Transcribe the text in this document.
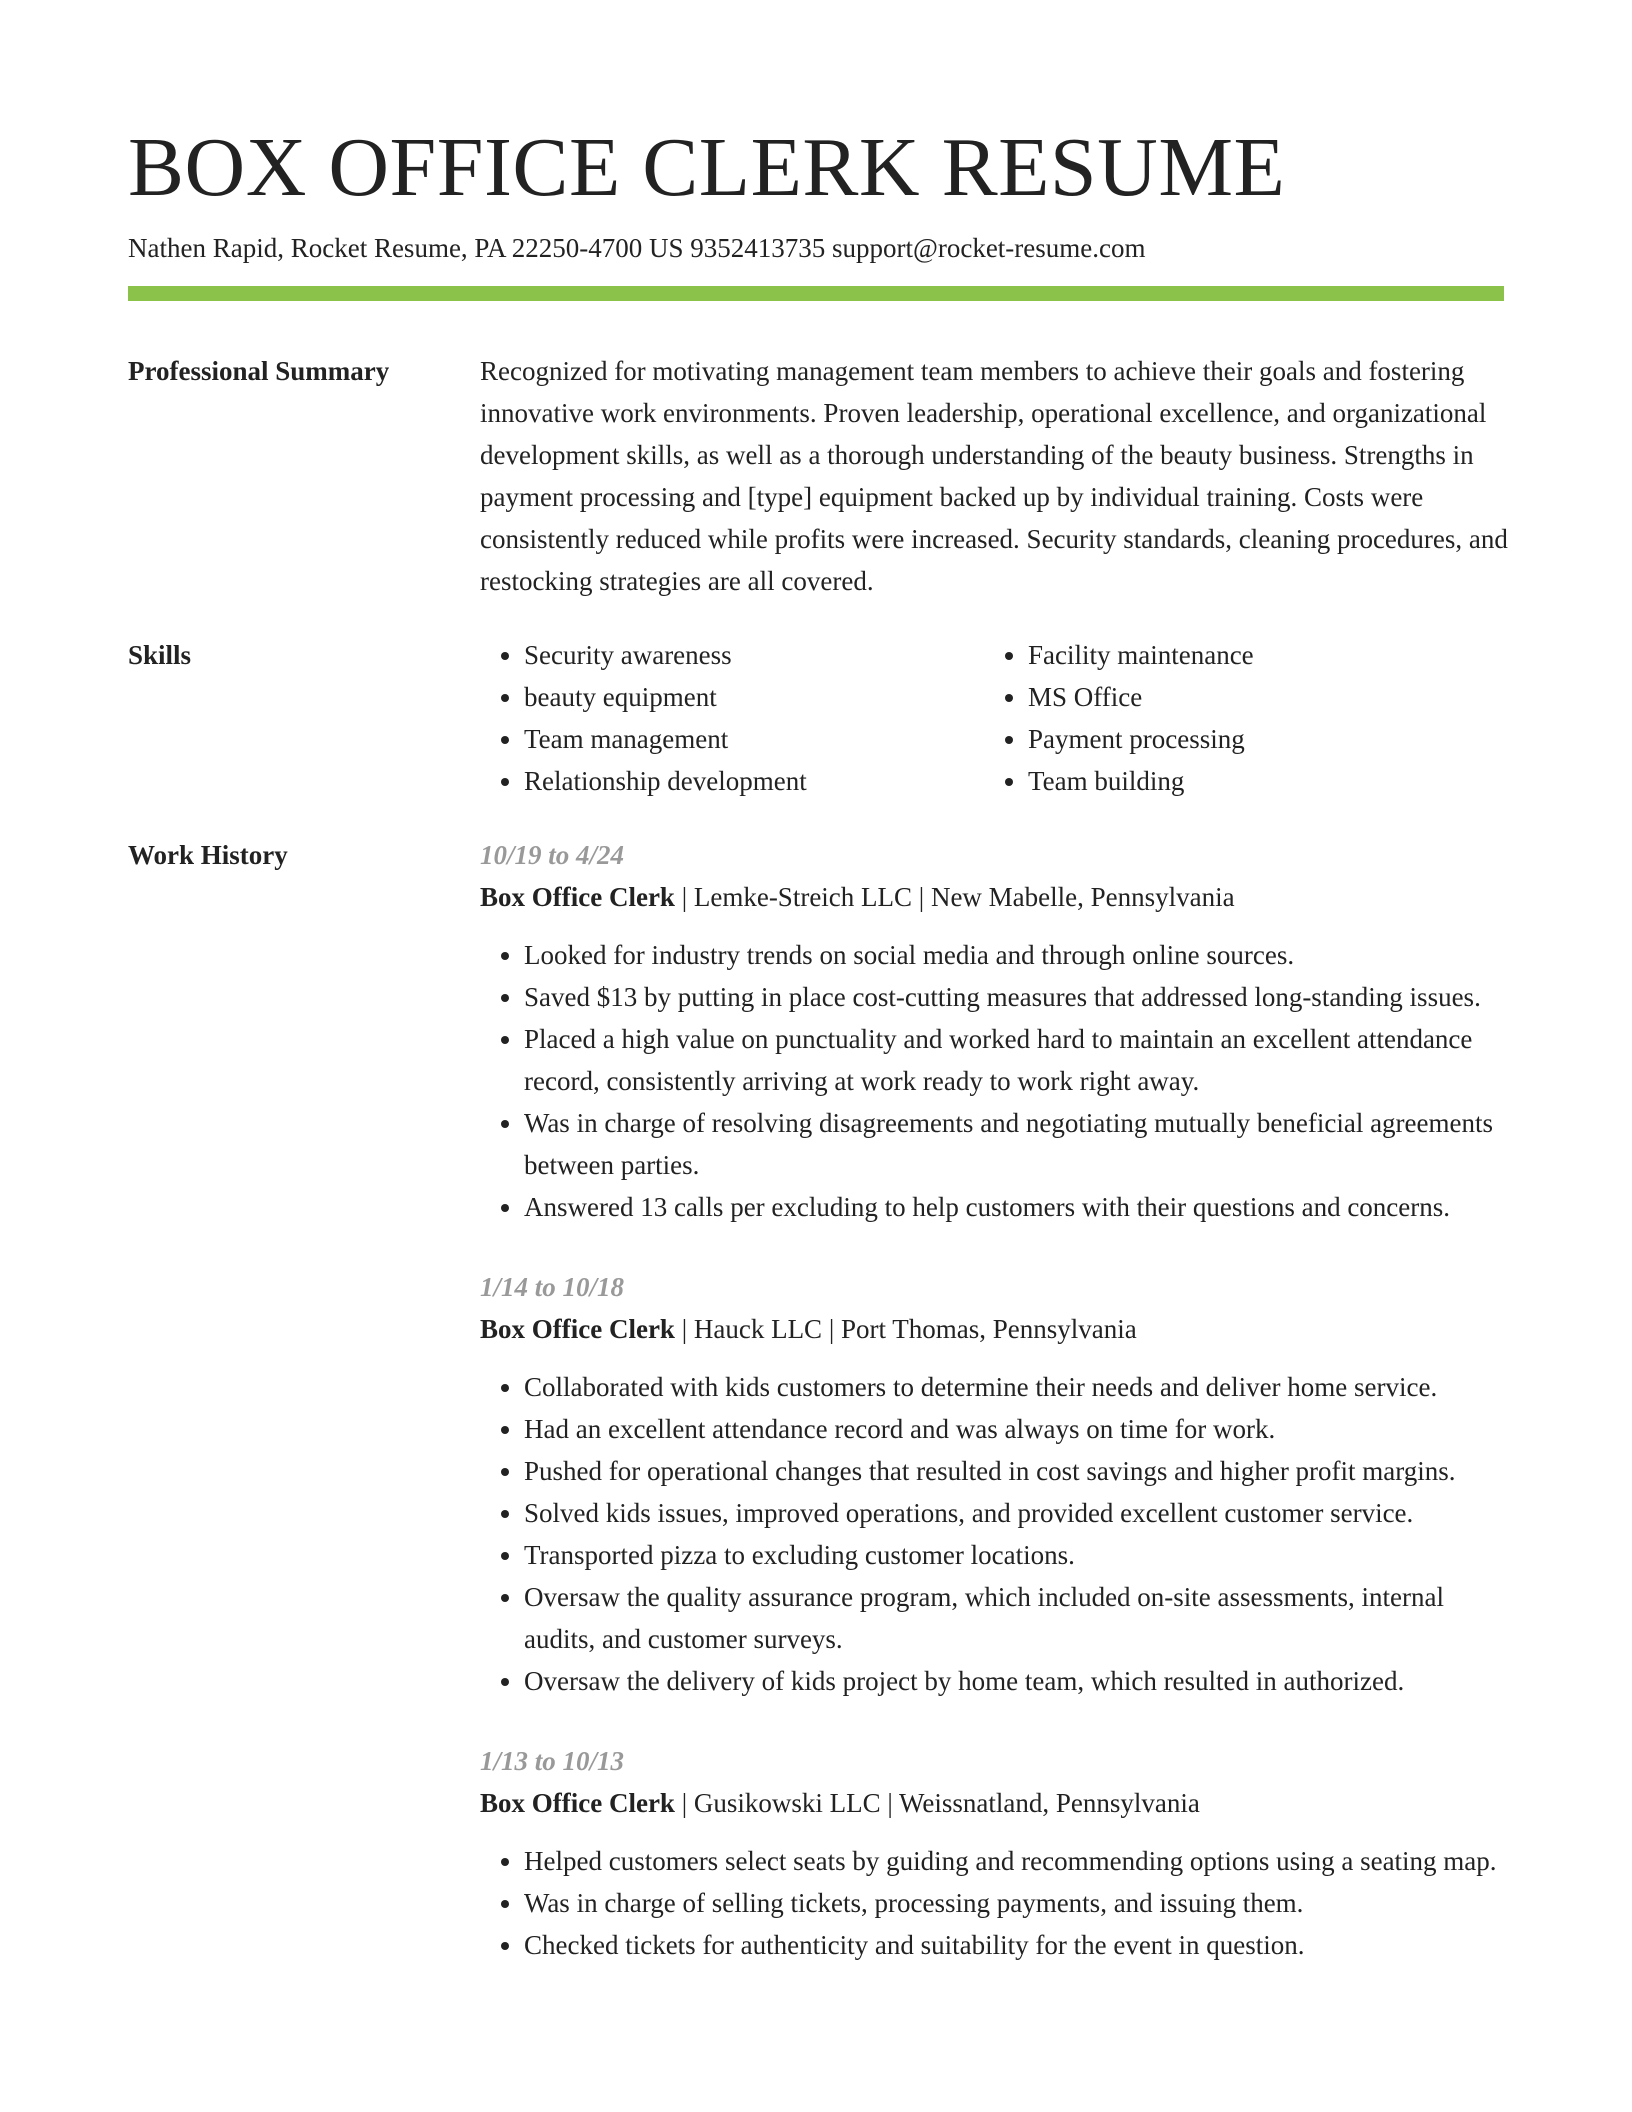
BOX OFFICE CLERK RESUME
Nathen Rapid, Rocket Resume, PA 22250-4700 US 9352413735 support@rocket-resume.com
Professional Summary	Recognized for motivating management team members to achieve their goals and fostering innovative work environments. Proven leadership, operational excellence, and organizational development skills, as well as a thorough understanding of the beauty business. Strengths in payment processing and [type] equipment backed up by individual training. Costs were consistently reduced while profits were increased. Security standards, cleaning procedures, and restocking strategies are all covered.

Skills
•	Security awareness
• beauty equipment
• Team management
• Relationship development
• Facility maintenance
• MS Office
• Payment processing
• Team building
Work History	10/19 to 4/24
Box Office Clerk | Lemke-Streich LLC | New Mabelle, Pennsylvania
• Looked for industry trends on social media and through online sources.
• Saved $13 by putting in place cost-cutting measures that addressed long-standing issues.
• Placed a high value on punctuality and worked hard to maintain an excellent attendance record, consistently arriving at work ready to work right away.
• Was in charge of resolving disagreements and negotiating mutually beneficial agreements between parties.
• Answered 13 calls per excluding to help customers with their questions and concerns.
1/14 to 10/18
Box Office Clerk | Hauck LLC | Port Thomas, Pennsylvania
• Collaborated with kids customers to determine their needs and deliver home service.
• Had an excellent attendance record and was always on time for work.
• Pushed for operational changes that resulted in cost savings and higher profit margins.
• Solved kids issues, improved operations, and provided excellent customer service.
• Transported pizza to excluding customer locations.
• Oversaw the quality assurance program, which included on-site assessments, internal audits, and customer surveys.
• Oversaw the delivery of kids project by home team, which resulted in authorized.
1/13 to 10/13
Box Office Clerk | Gusikowski LLC | Weissnatland, Pennsylvania
• Helped customers select seats by guiding and recommending options using a seating map.
• Was in charge of selling tickets, processing payments, and issuing them.
• Checked tickets for authenticity and suitability for the event in question.
